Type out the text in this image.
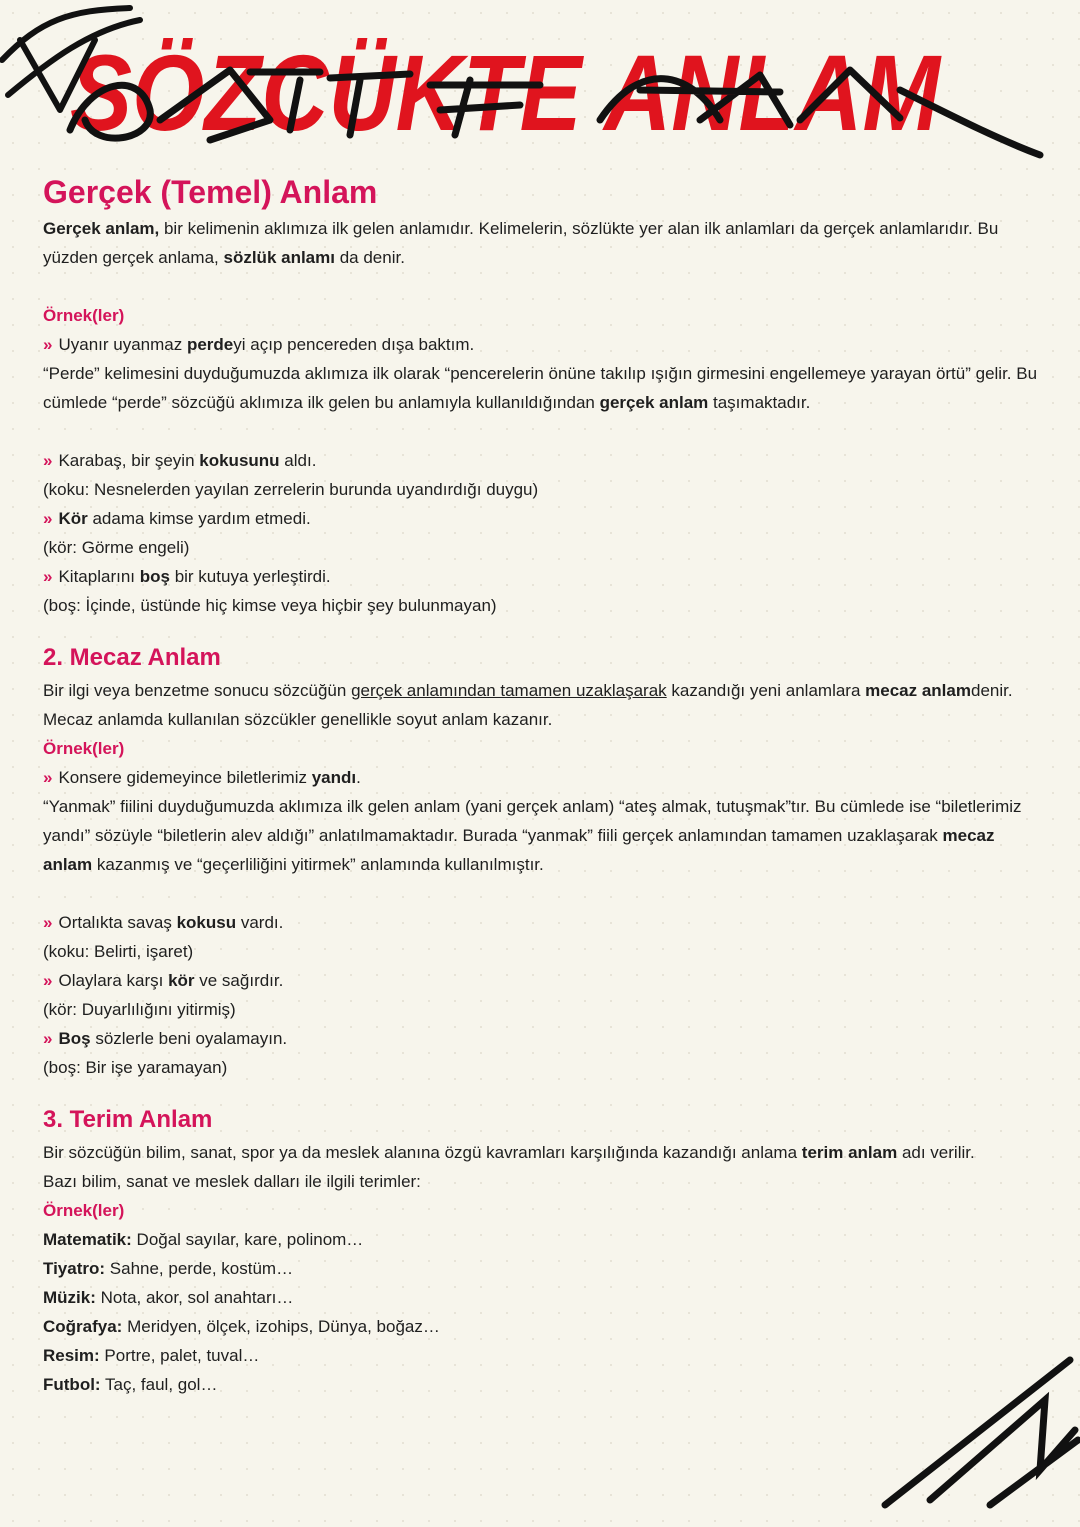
SÖZCÜKTE ANLAM
Gerçek (Temel) Anlam

Gerçek anlam, bir kelimenin aklımıza ilk gelen anlamıdır. Kelimelerin, sözlükte yer alan ilk anlamları da gerçek anlamlarıdır. Bu yüzden gerçek anlama, sözlük anlamı da denir.

Örnek(ler)

» Uyanır uyanmaz perdeyi açıp pencereden dışa baktım.

“Perde” kelimesini duyduğumuzda aklımıza ilk olarak “pencerelerin önüne takılıp ışığın girmesini engellemeye yarayan örtü” gelir. Bu cümlede “perde” sözcüğü aklımıza ilk gelen bu anlamıyla kullanıldığından gerçek anlam taşımaktadır.

» Karabaş, bir şeyin kokusunu aldı.

(koku: Nesnelerden yayılan zerrelerin burunda uyandırdığı duygu)

» Kör adama kimse yardım etmedi.

(kör: Görme engeli)

» Kitaplarını boş bir kutuya yerleştirdi.

(boş: İçinde, üstünde hiç kimse veya hiçbir şey bulunmayan)

2. Mecaz Anlam

Bir ilgi veya benzetme sonucu sözcüğün gerçek anlamından tamamen uzaklaşarak kazandığı yeni anlamlara mecaz anlamdenir. Mecaz anlamda kullanılan sözcükler genellikle soyut anlam kazanır.

Örnek(ler)

» Konsere gidemeyince biletlerimiz yandı.

“Yanmak” fiilini duyduğumuzda aklımıza ilk gelen anlam (yani gerçek anlam) “ateş almak, tutuşmak”tır. Bu cümlede ise “biletlerimiz yandı” sözüyle “biletlerin alev aldığı” anlatılmamaktadır. Burada “yanmak” fiili gerçek anlamından tamamen uzaklaşarak mecaz anlam kazanmış ve “geçerliliğini yitirmek” anlamında kullanılmıştır.

» Ortalıkta savaş kokusu vardı.

(koku: Belirti, işaret)

» Olaylara karşı kör ve sağırdır.

(kör: Duyarlılığını yitirmiş)

» Boş sözlerle beni oyalamayın.

(boş: Bir işe yaramayan)

3. Terim Anlam

Bir sözcüğün bilim, sanat, spor ya da meslek alanına özgü kavramları karşılığında kazandığı anlama terim anlam adı verilir.

Bazı bilim, sanat ve meslek dalları ile ilgili terimler:

Örnek(ler)

Matematik: Doğal sayılar, kare, polinom…

Tiyatro: Sahne, perde, kostüm…

Müzik: Nota, akor, sol anahtarı…

Coğrafya: Meridyen, ölçek, izohips, Dünya, boğaz…

Resim: Portre, palet, tuval…

Futbol: Taç, faul, gol…
